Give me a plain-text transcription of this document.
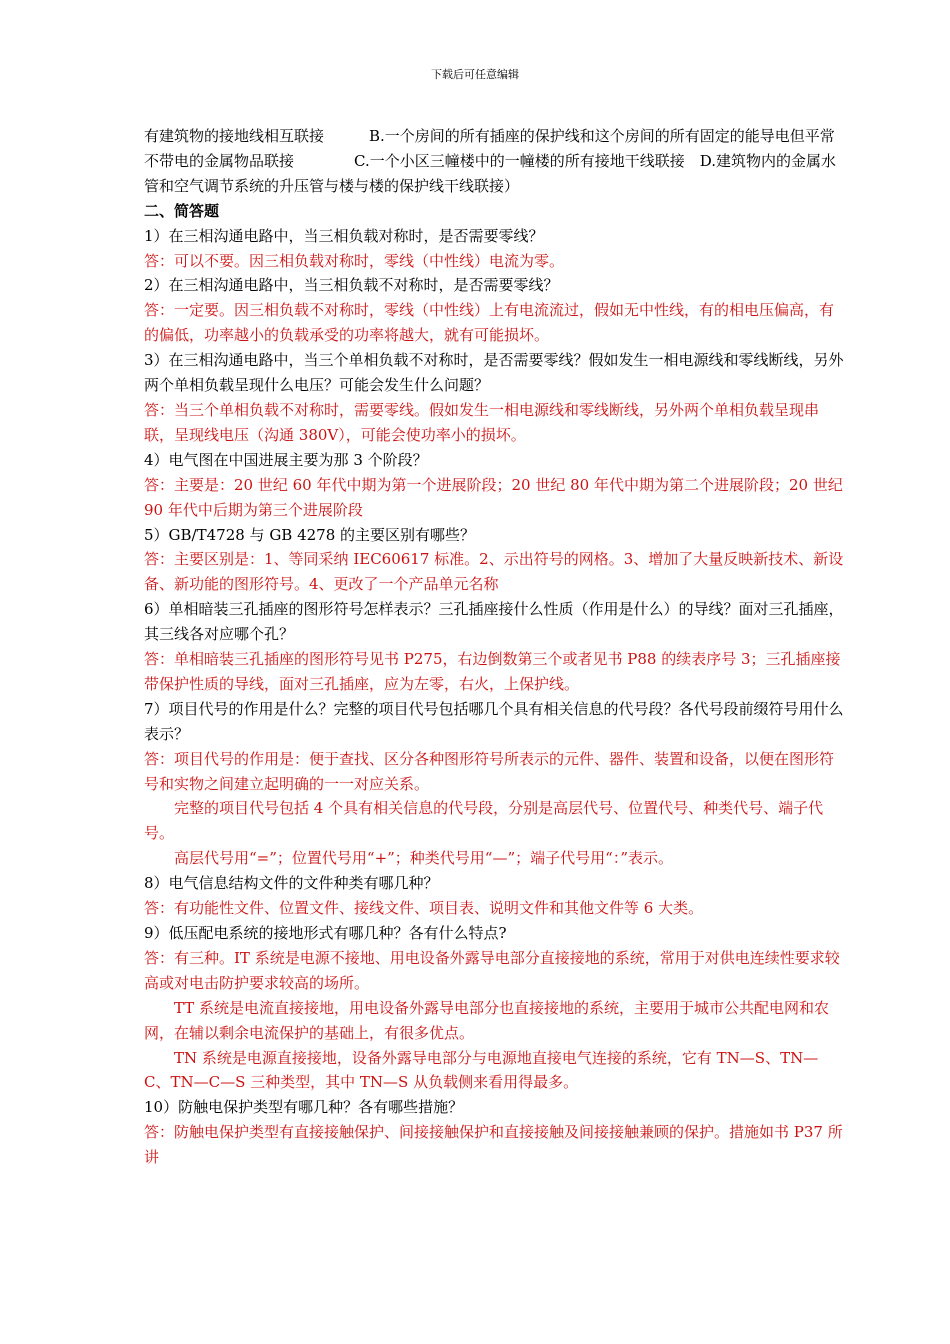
下载后可任意编辑

有建筑物的接地线相互联接　　　B.一个房间的所有插座的保护线和这个房间的所有固定的能导电但平常不带电的金属物品联接　　　　C.一个小区三幢楼中的一幢楼的所有接地干线联接　D.建筑物内的金属水管和空气调节系统的升压管与楼与楼的保护线干线联接）

二、简答题

1）在三相沟通电路中，当三相负载对称时，是否需要零线？

答：可以不要。因三相负载对称时，零线（中性线）电流为零。

2）在三相沟通电路中，当三相负载不对称时，是否需要零线？

答：一定要。因三相负载不对称时，零线（中性线）上有电流流过，假如无中性线，有的相电压偏高，有的偏低，功率越小的负载承受的功率将越大，就有可能损坏。

3）在三相沟通电路中，当三个单相负载不对称时，是否需要零线？假如发生一相电源线和零线断线，另外两个单相负载呈现什么电压？可能会发生什么问题？

答：当三个单相负载不对称时，需要零线。假如发生一相电源线和零线断线，另外两个单相负载呈现串联，呈现线电压（沟通 380V），可能会使功率小的损坏。

4）电气图在中国进展主要为那 3 个阶段？

答：主要是：20 世纪 60 年代中期为第一个进展阶段；20 世纪 80 年代中期为第二个进展阶段；20 世纪 90 年代中后期为第三个进展阶段

5）GB/T4728 与 GB 4278 的主要区别有哪些？

答：主要区别是：1、等同采纳 IEC60617 标准。2、示出符号的网格。3、增加了大量反映新技术、新设备、新功能的图形符号。4、更改了一个产品单元名称

6）单相暗装三孔插座的图形符号怎样表示？三孔插座接什么性质（作用是什么）的导线？面对三孔插座，其三线各对应哪个孔？

答：单相暗装三孔插座的图形符号见书 P275，右边倒数第三个或者见书 P88 的续表序号 3；三孔插座接带保护性质的导线，面对三孔插座，应为左零，右火，上保护线。

7）项目代号的作用是什么？完整的项目代号包括哪几个具有相关信息的代号段？各代号段前缀符号用什么表示？

答：项目代号的作用是：便于查找、区分各种图形符号所表示的元件、器件、装置和设备，以便在图形符号和实物之间建立起明确的一一对应关系。

完整的项目代号包括 4 个具有相关信息的代号段，分别是高层代号、位置代号、种类代号、端子代号。

高层代号用“=”；位置代号用“+”；种类代号用“—”；端子代号用“：”表示。

8）电气信息结构文件的文件种类有哪几种？

答：有功能性文件、位置文件、接线文件、项目表、说明文件和其他文件等 6 大类。

9）低压配电系统的接地形式有哪几种？各有什么特点?

答：有三种。IT 系统是电源不接地、用电设备外露导电部分直接接地的系统，常用于对供电连续性要求较高或对电击防护要求较高的场所。

TT 系统是电流直接接地，用电设备外露导电部分也直接接地的系统，主要用于城市公共配电网和农网，在辅以剩余电流保护的基础上，有很多优点。

TN 系统是电源直接接地，设备外露导电部分与电源地直接电气连接的系统，它有 TN—S、TN—C、TN—C—S 三种类型，其中 TN—S 从负载侧来看用得最多。

10）防触电保护类型有哪几种？各有哪些措施？

答：防触电保护类型有直接接触保护、间接接触保护和直接接触及间接接触兼顾的保护。措施如书 P37 所讲
